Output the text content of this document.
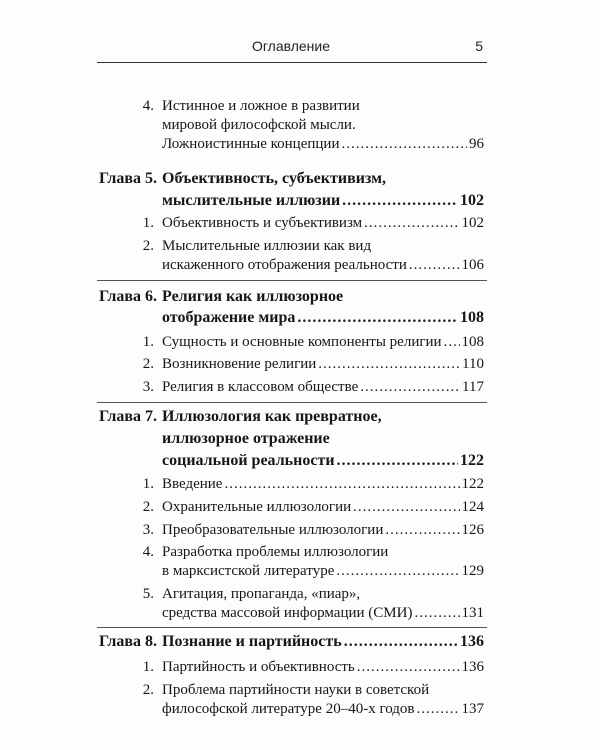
Оглавление	5
4. Истинное и ложное в развитии
мировой философской мысли.
Ложноистинные концепции .....	96
Глава 5. Объективность, субъективизм,
мыслительные иллюзии .....	102
1. Объективность и субъективизм .....	102
2. Мыслительные иллюзии как вид
искаженного отображения реальности .....	106
Глава 6. Религия как иллюзорное
отображение мира .....	108
1. Сущность и основные компоненты религии ..... 108
2. Возникновение религии .....	110
3. Религия в классовом обществе .....	117
Глава 7. Иллюзология как превратное,
иллюзорное отражение
социальной реальности .....	122
1. Введение .....	122
2. Охранительные иллюзологии .....	124
3. Преобразовательные иллюзологии .....	126
4. Разработка проблемы иллюзологии
в марксистской литературе .....	129
5. Агитация, пропаганда, «пиар»,
средства массовой информации (СМИ) .....	131
Глава 8. Познание и партийность .....	136
1. Партийность и объективность .....	136
2. Проблема партийности науки в советской
философской литературе 20–40-х годов .....	137
